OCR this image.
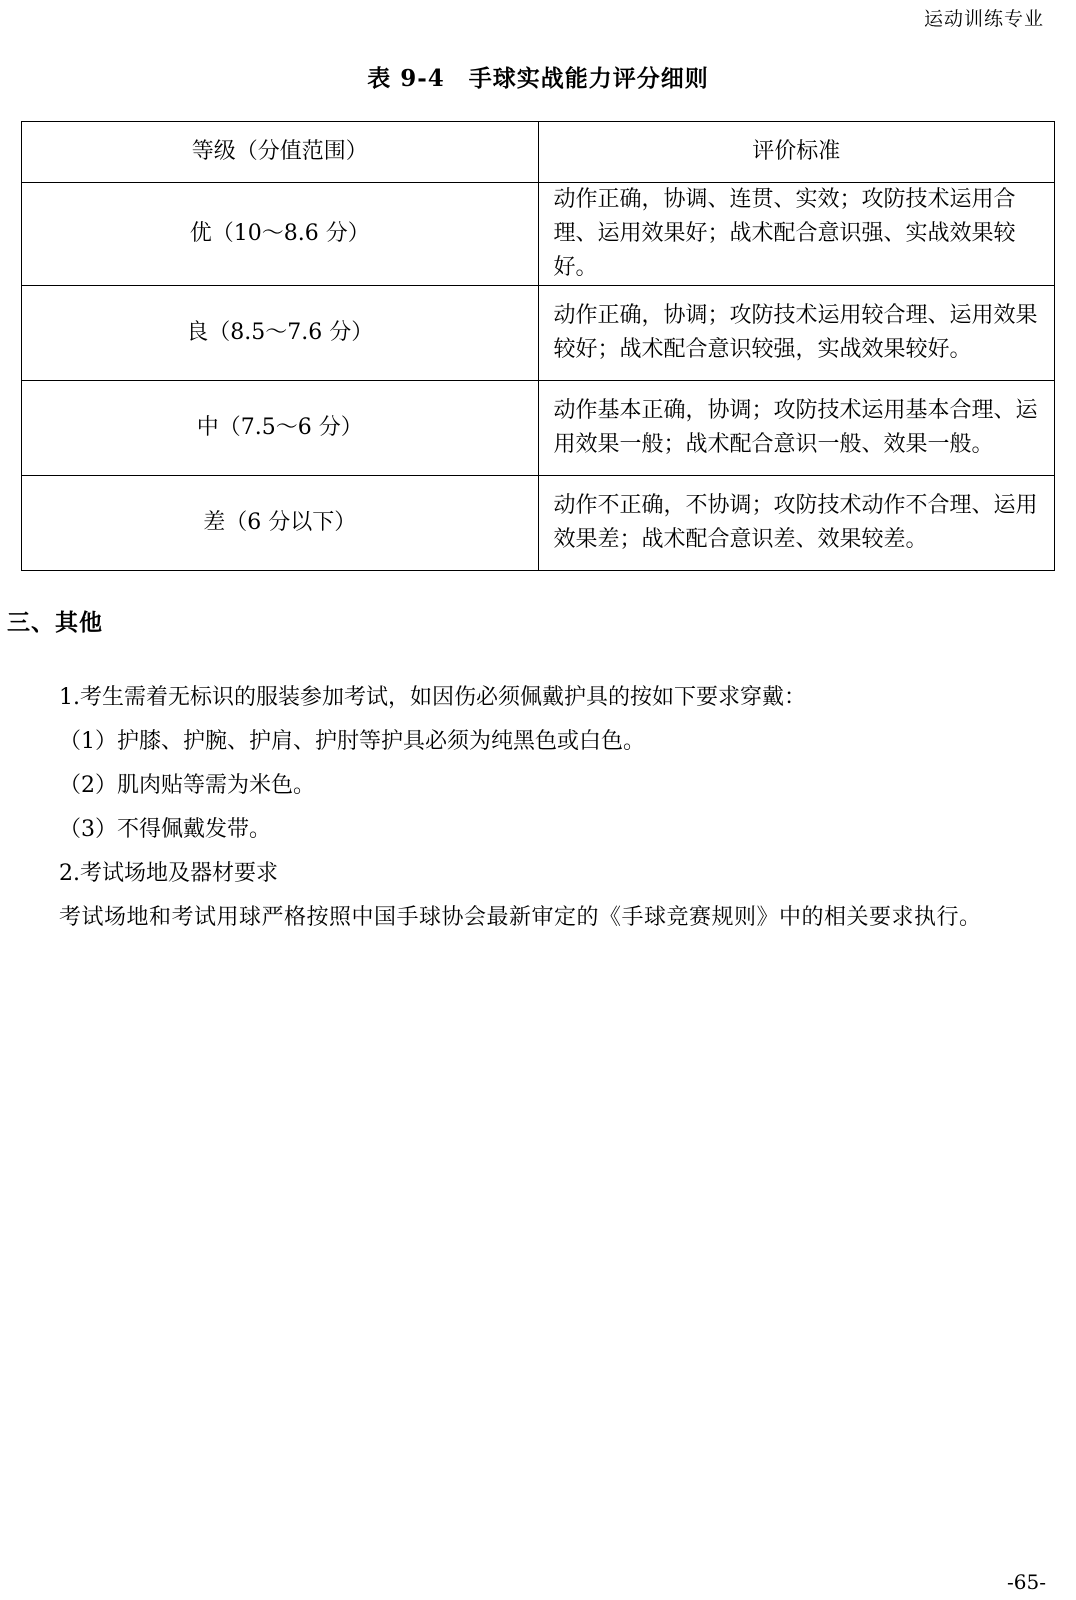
运动训练专业
表 9-4　手球实战能力评分细则
等级（分值范围）	评价标准
优（10～8.6 分）	动作正确，协调、连贯、实效；攻防技术运用合理、运用效果好；战术配合意识强、实战效果较好。
良（8.5～7.6 分）	动作正确，协调；攻防技术运用较合理、运用效果较好；战术配合意识较强，实战效果较好。
中（7.5～6 分）	动作基本正确，协调；攻防技术运用基本合理、运用效果一般；战术配合意识一般、效果一般。
差（6 分以下）	动作不正确，不协调；攻防技术动作不合理、运用效果差；战术配合意识差、效果较差。
三、其他
1.考生需着无标识的服装参加考试，如因伤必须佩戴护具的按如下要求穿戴：
（1）护膝、护腕、护肩、护肘等护具必须为纯黑色或白色。
（2）肌肉贴等需为米色。
（3）不得佩戴发带。
2.考试场地及器材要求
考试场地和考试用球严格按照中国手球协会最新审定的《手球竞赛规则》中的相关要求执行。
-65-
